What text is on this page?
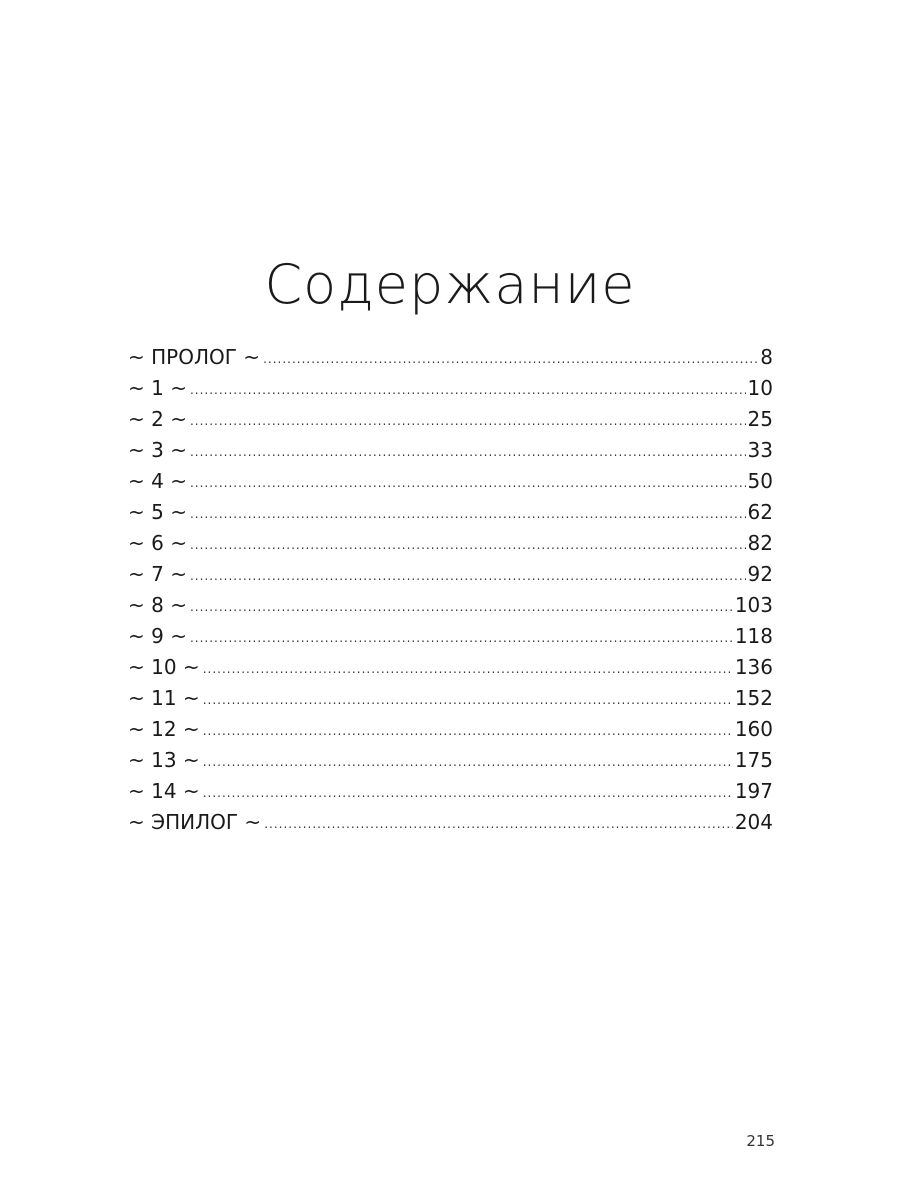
Содержание
~ ПРОЛОГ ~ .....	8
~ 1 ~ .....	10
~ 2 ~ .....	25
~ 3 ~ .....	33
~ 4 ~ .....	50
~ 5 ~ .....	62
~ 6 ~ .....	82
~ 7 ~ .....	92
~ 8 ~ .....	103
~ 9 ~ .....	118
~ 10 ~ .....	136
~ 11 ~ .....	152
~ 12 ~ .....	160
~ 13 ~ .....	175
~ 14 ~ .....	197
~ ЭПИЛОГ ~ .....	204
215
